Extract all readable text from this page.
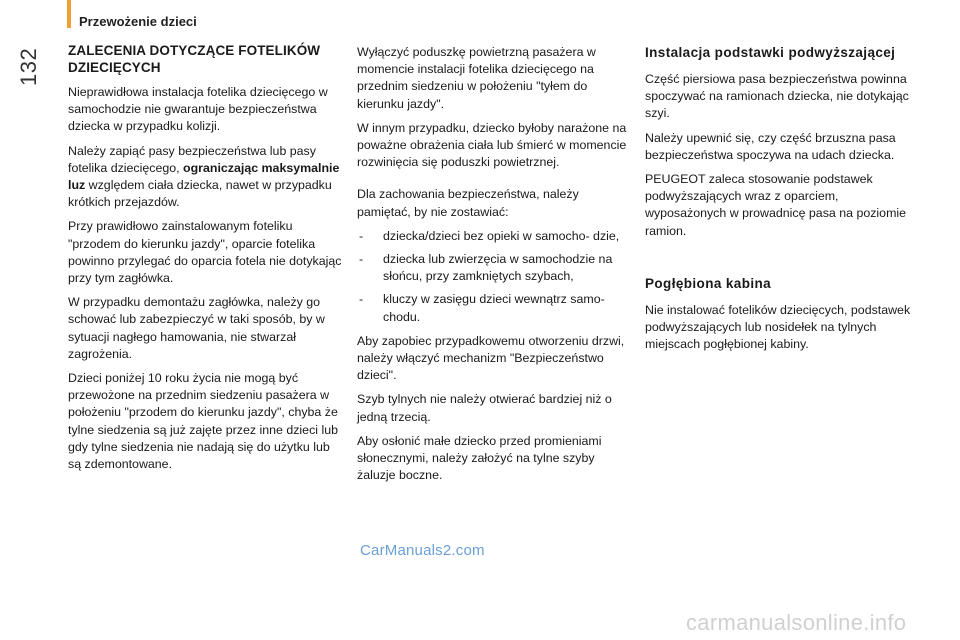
Przewożenie dzieci
132 ZALECENIA DOTYCZĄCE FOTELIKÓW DZIECIĘCYCH

Nieprawidłowa instalacja fotelika dziecięcego w samochodzie nie gwarantuje bezpieczeństwa dziecka w przypadku kolizji.

Należy zapiąć pasy bezpieczeństwa lub pasy fotelika dziecięcego, ograniczając maksymalnie luz względem ciała dziecka, nawet w przypadku krótkich przejazdów.

Przy prawidłowo zainstalowanym foteliku "przodem do kierunku jazdy", oparcie fotelika powinno przylegać do oparcia fotela nie dotykając przy tym zagłówka.

W przypadku demontażu zagłówka, należy go schować lub zabezpieczyć w taki sposób, by w sytuacji nagłego hamowania, nie stwarzał zagrożenia.

Dzieci poniżej 10 roku życia nie mogą być przewożone na przednim siedzeniu pasażera w położeniu "przodem do kierunku jazdy", chyba że tylne siedzenia są już zajęte przez inne dzieci lub gdy tylne siedzenia nie nadają się do użytku lub są zdemontowane.

Wyłączyć poduszkę powietrzną pasażera w momencie instalacji fotelika dziecięcego na przednim siedzeniu w położeniu "tyłem do kierunku jazdy".

W innym przypadku, dziecko byłoby narażone na poważne obrażenia ciała lub śmierć w momencie rozwinięcia się poduszki powietrznej.

Dla zachowania bezpieczeństwa, należy pamiętać, by nie zostawiać:

- dziecka/dzieci bez opieki w samocho- dzie,
- dziecka lub zwierzęcia w samochodzie na słońcu, przy zamkniętych szybach,
- kluczy w zasięgu dzieci wewnątrz samo- chodu.

Aby zapobiec przypadkowemu otworzeniu drzwi, należy włączyć mechanizm "Bezpieczeństwo dzieci".

Szyb tylnych nie należy otwierać bardziej niż o jedną trzecią.

Aby osłonić małe dziecko przed promieniami słonecznymi, należy założyć na tylne szyby żaluzje boczne.

Instalacja podstawki podwyższającej

Część piersiowa pasa bezpieczeństwa powinna spoczywać na ramionach dziecka, nie dotykając szyi.

Należy upewnić się, czy część brzuszna pasa bezpieczeństwa spoczywa na udach dziecka.

PEUGEOT zaleca stosowanie podstawek podwyższających wraz z oparciem, wyposażonych w prowadnicę pasa na poziomie ramion.

Pogłębiona kabina

Nie instalować fotelików dziecięcych, podstawek podwyższających lub nosidełek na tylnych miejscach pogłębionej kabiny.

CarManuals2.com
carmanualsonline.info
